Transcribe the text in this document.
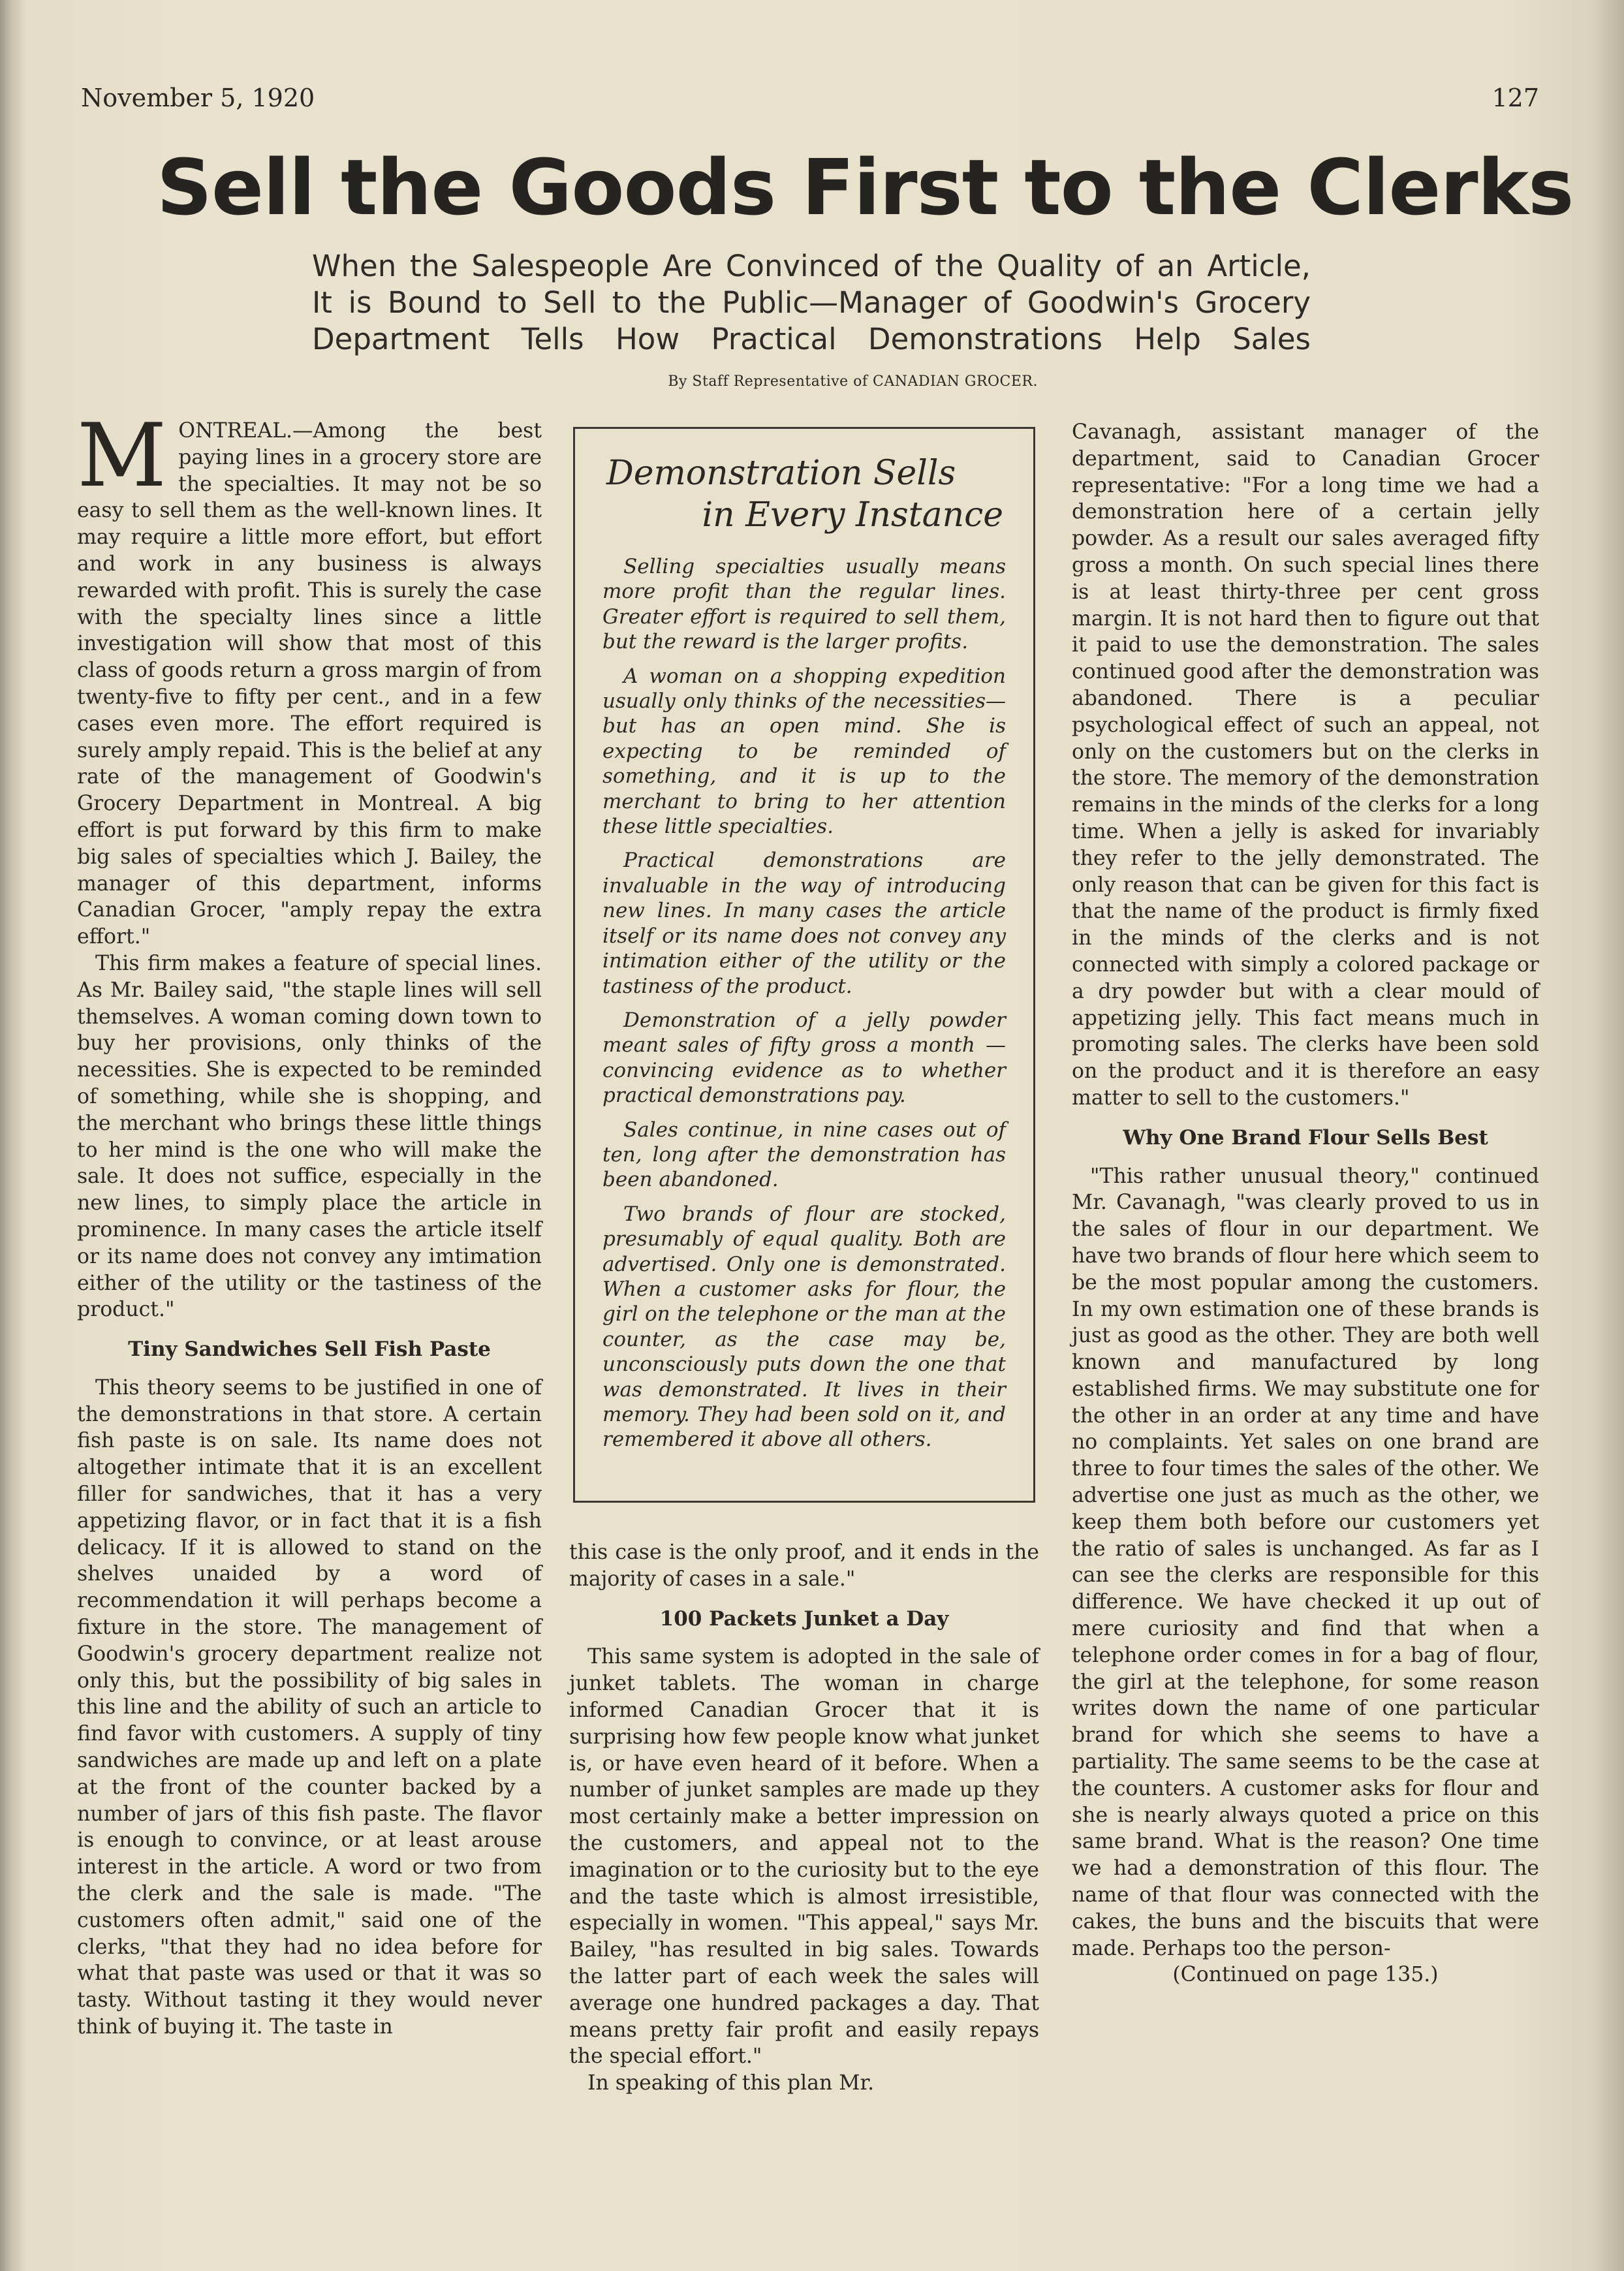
November 5, 1920	127
Sell the Goods First to the Clerks
When the Salespeople Are Convinced of the Quality of an Article,
It is Bound to Sell to the Public—Manager of Goodwin's Grocery
Department Tells How Practical Demonstrations Help Sales
By Staff Representative of CANADIAN GROCER.

MONTREAL.—Among the best paying lines in a grocery store are the specialties. It may not be so easy to sell them as the well-known lines. It may require a little more effort, but effort and work in any business is always rewarded with profit. This is surely the case with the specialty lines since a little investigation will show that most of this class of goods return a gross margin of from twenty-five to fifty per cent., and in a few cases even more. The effort required is surely amply repaid. This is the belief at any rate of the management of Goodwin's Grocery Department in Montreal. A big effort is put forward by this firm to make big sales of specialties which J. Bailey, the manager of this department, informs Canadian Grocer, "amply repay the extra effort."

This firm makes a feature of special lines. As Mr. Bailey said, "the staple lines will sell themselves. A woman coming down town to buy her provisions, only thinks of the necessities. She is expected to be reminded of something, while she is shopping, and the merchant who brings these little things to her mind is the one who will make the sale. It does not suffice, especially in the new lines, to simply place the article in prominence. In many cases the article itself or its name does not convey any imtimation either of the utility or the tastiness of the product."

Tiny Sandwiches Sell Fish Paste

This theory seems to be justified in one of the demonstrations in that store. A certain fish paste is on sale. Its name does not altogether intimate that it is an excellent filler for sandwiches, that it has a very appetizing flavor, or in fact that it is a fish delicacy. If it is allowed to stand on the shelves unaided by a word of recommendation it will perhaps become a fixture in the store. The management of Goodwin's grocery department realize not only this, but the possibility of big sales in this line and the ability of such an article to find favor with customers. A supply of tiny sandwiches are made up and left on a plate at the front of the counter backed by a number of jars of this fish paste. The flavor is enough to convince, or at least arouse interest in the article. A word or two from the clerk and the sale is made. "The customers often admit," said one of the clerks, "that they had no idea before for what that paste was used or that it was so tasty. Without tasting it they would never think of buying it. The taste in

Demonstration Sells
in Every Instance

Selling specialties usually means more profit than the regular lines. Greater effort is required to sell them, but the reward is the larger profits.

A woman on a shopping expedition usually only thinks of the necessities—but has an open mind. She is expecting to be reminded of something, and it is up to the merchant to bring to her attention these little specialties.

Practical demonstrations are invaluable in the way of introducing new lines. In many cases the article itself or its name does not convey any intimation either of the utility or the tastiness of the product.

Demonstration of a jelly powder meant sales of fifty gross a month —convincing evidence as to whether practical demonstrations pay.

Sales continue, in nine cases out of ten, long after the demonstration has been abandoned.

Two brands of flour are stocked, presumably of equal quality. Both are advertised. Only one is demonstrated. When a customer asks for flour, the girl on the telephone or the man at the counter, as the case may be, unconsciously puts down the one that was demonstrated. It lives in their memory. They had been sold on it, and remembered it above all others.

this case is the only proof, and it ends in the majority of cases in a sale."

100 Packets Junket a Day

This same system is adopted in the sale of junket tablets. The woman in charge informed Canadian Grocer that it is surprising how few people know what junket is, or have even heard of it before. When a number of junket samples are made up they most certainly make a better impression on the customers, and appeal not to the imagination or to the curiosity but to the eye and the taste which is almost irresistible, especially in women. "This appeal," says Mr. Bailey, "has resulted in big sales. Towards the latter part of each week the sales will average one hundred packages a day. That means pretty fair profit and easily repays the special effort."

In speaking of this plan Mr.

Cavanagh, assistant manager of the department, said to Canadian Grocer representative: "For a long time we had a demonstration here of a certain jelly powder. As a result our sales averaged fifty gross a month. On such special lines there is at least thirty-three per cent gross margin. It is not hard then to figure out that it paid to use the demonstration. The sales continued good after the demonstration was abandoned. There is a peculiar psychological effect of such an appeal, not only on the customers but on the clerks in the store. The memory of the demonstration remains in the minds of the clerks for a long time. When a jelly is asked for invariably they refer to the jelly demonstrated. The only reason that can be given for this fact is that the name of the product is firmly fixed in the minds of the clerks and is not connected with simply a colored package or a dry powder but with a clear mould of appetizing jelly. This fact means much in promoting sales. The clerks have been sold on the product and it is therefore an easy matter to sell to the customers."

Why One Brand Flour Sells Best

"This rather unusual theory," continued Mr. Cavanagh, "was clearly proved to us in the sales of flour in our department. We have two brands of flour here which seem to be the most popular among the customers. In my own estimation one of these brands is just as good as the other. They are both well known and manufactured by long established firms. We may substitute one for the other in an order at any time and have no complaints. Yet sales on one brand are three to four times the sales of the other. We advertise one just as much as the other, we keep them both before our customers yet the ratio of sales is unchanged. As far as I can see the clerks are responsible for this difference. We have checked it up out of mere curiosity and find that when a telephone order comes in for a bag of flour, the girl at the telephone, for some reason writes down the name of one particular brand for which she seems to have a partiality. The same seems to be the case at the counters. A customer asks for flour and she is nearly always quoted a price on this same brand. What is the reason? One time we had a demonstration of this flour. The name of that flour was connected with the cakes, the buns and the biscuits that were made. Perhaps too the person-

(Continued on page 135.)
